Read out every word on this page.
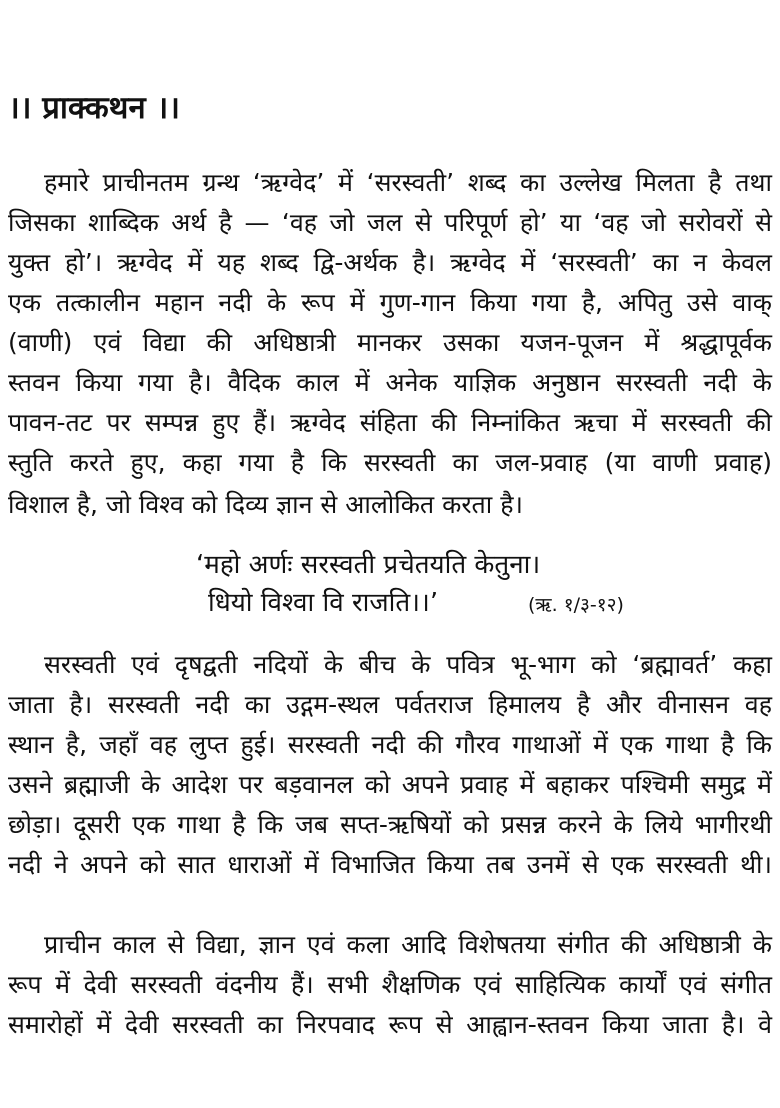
।। प्राक्कथन ।।
हमारे प्राचीनतम ग्रन्थ ‘ऋग्वेद’ में ‘सरस्वती’ शब्द का उल्लेख मिलता है तथा
जिसका शाब्दिक अर्थ है — ‘वह जो जल से परिपूर्ण हो’ या ‘वह जो सरोवरों से
युक्त हो’। ऋग्वेद में यह शब्द द्वि-अर्थक है। ऋग्वेद में ‘सरस्वती’ का न केवल
एक तत्कालीन महान नदी के रूप में गुण-गान किया गया है, अपितु उसे वाक्
(वाणी) एवं विद्या की अधिष्ठात्री मानकर उसका यजन-पूजन में श्रद्धापूर्वक
स्तवन किया गया है। वैदिक काल में अनेक याज्ञिक अनुष्ठान सरस्वती नदी के
पावन-तट पर सम्पन्न हुए हैं। ऋग्वेद संहिता की निम्नांकित ऋचा में सरस्वती की
स्तुति करते हुए, कहा गया है कि सरस्वती का जल-प्रवाह (या वाणी प्रवाह)
विशाल है, जो विश्व को दिव्य ज्ञान से आलोकित करता है।
‘महो अर्णः सरस्वती प्रचेतयति केतुना।
धियो विश्वा वि राजति।।’	(ऋ. १/३-१२)
सरस्वती एवं दृषद्वती नदियों के बीच के पवित्र भू-भाग को ‘ब्रह्मावर्त’ कहा
जाता है। सरस्वती नदी का उद्गम-स्थल पर्वतराज हिमालय है और वीनासन वह
स्थान है, जहाँ वह लुप्त हुई। सरस्वती नदी की गौरव गाथाओं में एक गाथा है कि
उसने ब्रह्माजी के आदेश पर बड़वानल को अपने प्रवाह में बहाकर पश्चिमी समुद्र में
छोड़ा। दूसरी एक गाथा है कि जब सप्त-ऋषियों को प्रसन्न करने के लिये भागीरथी
नदी ने अपने को सात धाराओं में विभाजित किया तब उनमें से एक सरस्वती थी।
प्राचीन काल से विद्या, ज्ञान एवं कला आदि विशेषतया संगीत की अधिष्ठात्री के
रूप में देवी सरस्वती वंदनीय हैं। सभी शैक्षणिक एवं साहित्यिक कार्यों एवं संगीत
समारोहों में देवी सरस्वती का निरपवाद रूप से आह्वान-स्तवन किया जाता है। वे
